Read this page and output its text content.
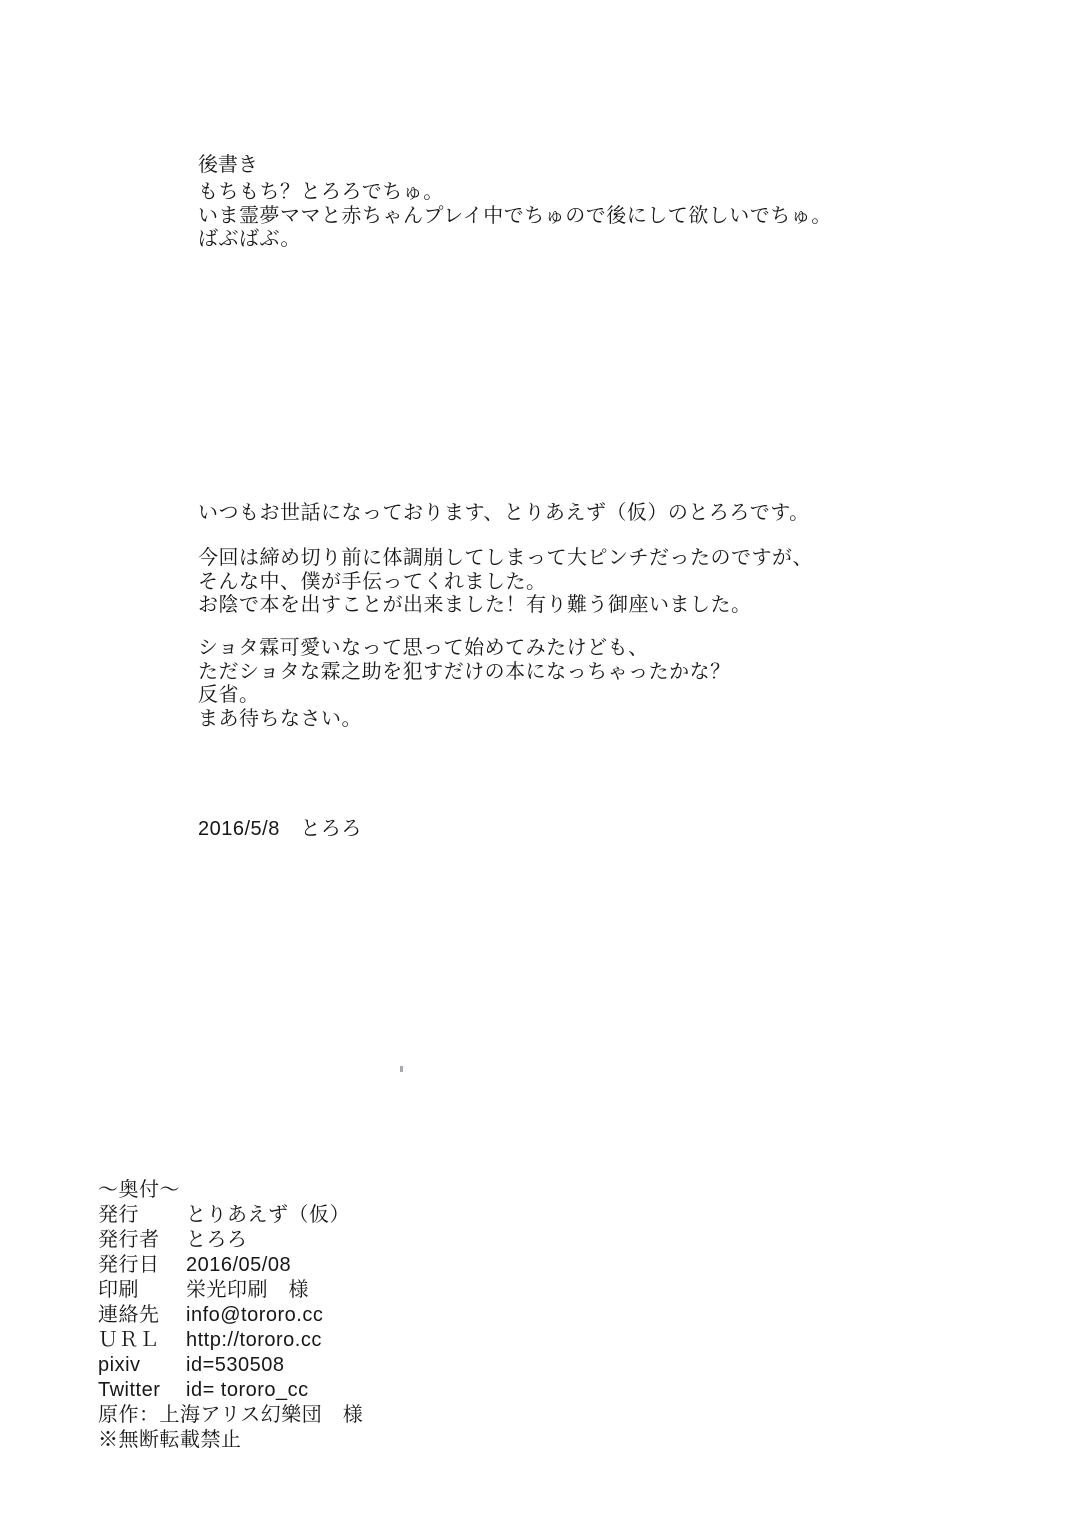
後書き

もちもち？とろろでちゅ。

いま霊夢ママと赤ちゃんプレイ中でちゅので後にして欲しいでちゅ。

ばぶばぶ。

いつもお世話になっております、とりあえず（仮）のとろろです。

今回は締め切り前に体調崩してしまって大ピンチだったのですが、

そんな中、僕が手伝ってくれました。

お陰で本を出すことが出来ました！有り難う御座いました。

ショタ霖可愛いなって思って始めてみたけども、

ただショタな霖之助を犯すだけの本になっちゃったかな？

反省。

まあ待ちなさい。

2016/5/8　とろろ

〜奥付〜
発行	とりあえず（仮）
発行者	とろろ
発行日	2016/05/08
印刷	栄光印刷　様
連絡先	info@tororo.cc
ＵＲＬ	http://tororo.cc
pixiv	id=530508
Twitter	id= tororo_cc

原作：上海アリス幻樂団　様

※無断転載禁止
